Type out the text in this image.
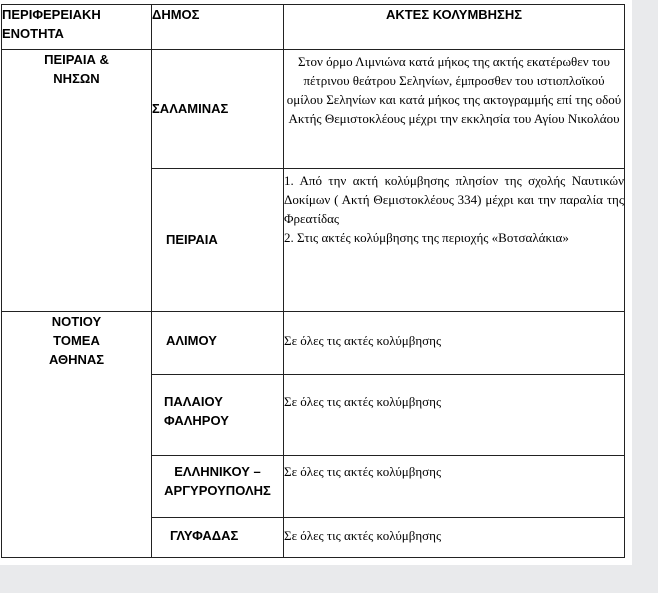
ΠΕΡΙΦΕΡΕΙΑΚΗ ΕΝΟΤΗΤΑ	ΔΗΜΟΣ	ΑΚΤΕΣ ΚΟΛΥΜΒΗΣΗΣ
ΠΕΙΡΑΙΑ & ΝΗΣΩΝ	ΣΑΛΑΜΙΝΑΣ	Στον όρμο Λιμνιώνα κατά μήκος της ακτής εκατέρωθεν του πέτρινου θεάτρου Σεληνίων, έμπροσθεν του ιστιοπλοϊκού ομίλου Σεληνίων και κατά μήκος της ακτογραμμής επί της οδού Ακτής Θεμιστοκλέους μέχρι την εκκλησία του Αγίου Νικολάου
	ΠΕΙΡΑΙΑ	1. Από την ακτή κολύμβησης πλησίον της σχολής Ναυτικών Δοκίμων ( Ακτή Θεμιστοκλέους 334) μέχρι και την παραλία της Φρεατίδας
2. Στις ακτές κολύμβησης της περιοχής «Βοτσαλάκια»

ΝΟΤΙΟΥ ΤΟΜΕΑ ΑΘΗΝΑΣ	ΑΛΙΜΟΥ	Σε όλες τις ακτές κολύμβησης
	ΠΑΛΑΙΟΥ ΦΑΛΗΡΟΥ	Σε όλες τις ακτές κολύμβησης
	ΕΛΛΗΝΙΚΟΥ – ΑΡΓΥΡΟΥΠΟΛΗΣ	Σε όλες τις ακτές κολύμβησης
	ΓΛΥΦΑΔΑΣ	Σε όλες τις ακτές κολύμβησης
